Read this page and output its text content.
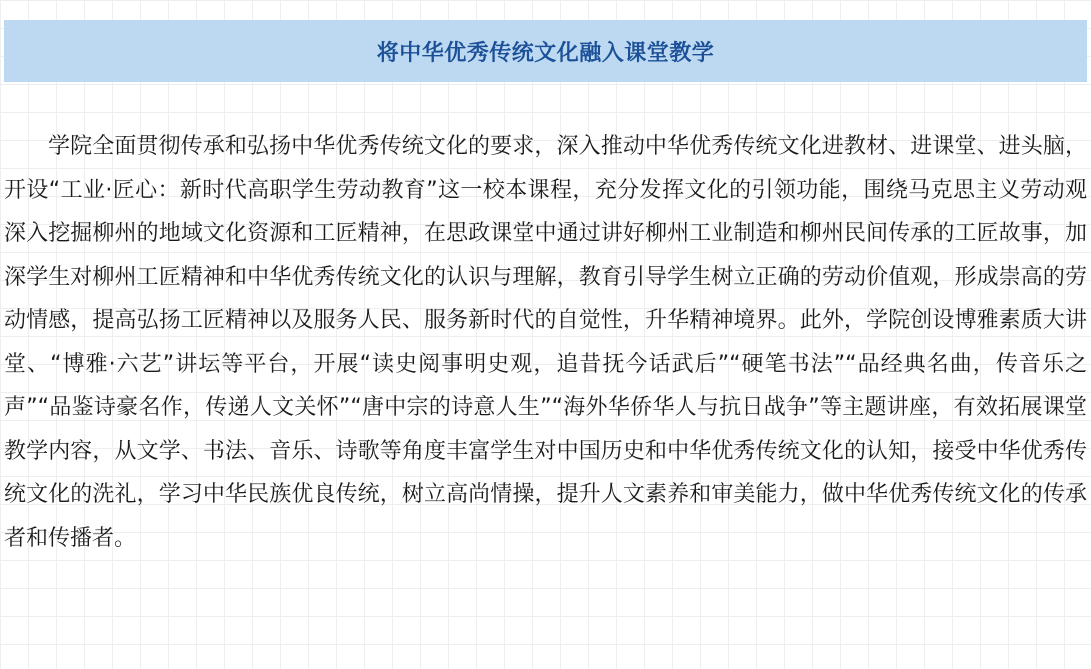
将中华优秀传统文化融入课堂教学

学院全面贯彻传承和弘扬中华优秀传统文化的要求，深入推动中华优秀传统文化进教材、进课堂、进头脑，开设“工业·匠心：新时代高职学生劳动教育”这一校本课程，充分发挥文化的引领功能，围绕马克思主义劳动观深入挖掘柳州的地域文化资源和工匠精神，在思政课堂中通过讲好柳州工业制造和柳州民间传承的工匠故事，加深学生对柳州工匠精神和中华优秀传统文化的认识与理解，教育引导学生树立正确的劳动价值观，形成崇高的劳动情感，提高弘扬工匠精神以及服务人民、服务新时代的自觉性，升华精神境界。此外，学院创设博雅素质大讲堂、“博雅·六艺”讲坛等平台，开展“读史阅事明史观，追昔抚今话武后”“硬笔书法”“品经典名曲，传音乐之声”“品鉴诗豪名作，传递人文关怀”“唐中宗的诗意人生”“海外华侨华人与抗日战争”等主题讲座，有效拓展课堂教学内容，从文学、书法、音乐、诗歌等角度丰富学生对中国历史和中华优秀传统文化的认知，接受中华优秀传统文化的洗礼，学习中华民族优良传统，树立高尚情操，提升人文素养和审美能力，做中华优秀传统文化的传承者和传播者。
